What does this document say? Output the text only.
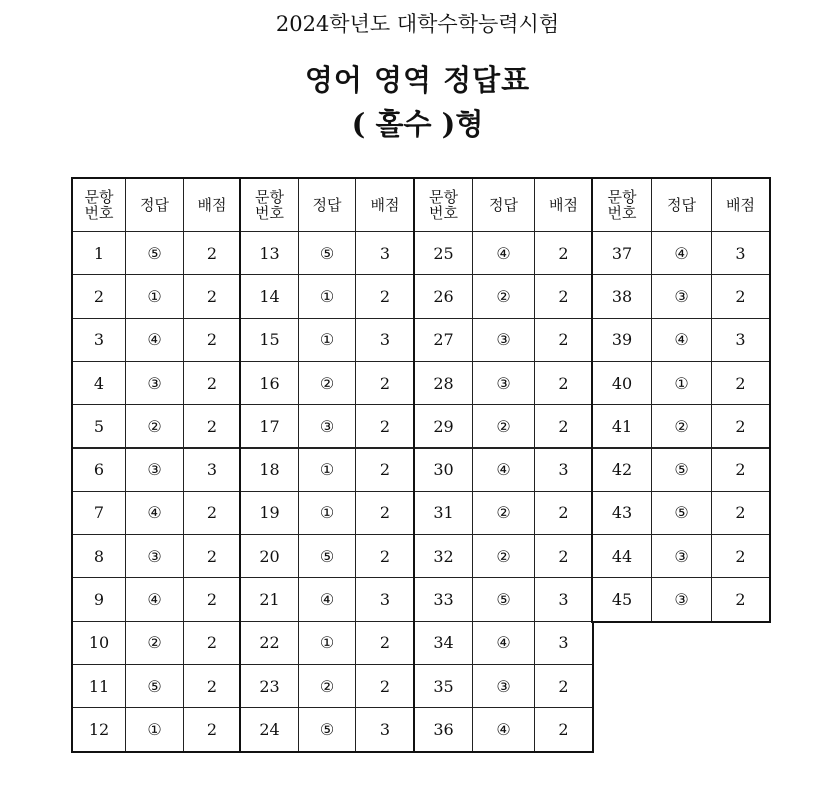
2024학년도 대학수학능력시험
영어 영역 정답표
( 홀수 )형
문항
번호	정답	배점
1	⑤	2
2	①	2
3	④	2
4	③	2
5	②	2
6	③	3
7	④	2
8	③	2
9	④	2
10	②	2
11	⑤	2
12	①	2
문항
번호	정답	배점
13	⑤	3
14	①	2
15	①	3
16	②	2
17	③	2
18	①	2
19	①	2
20	⑤	2
21	④	3
22	①	2
23	②	2
24	⑤	3
문항
번호	정답	배점
25	④	2
26	②	2
27	③	2
28	③	2
29	②	2
30	④	3
31	②	2
32	②	2
33	⑤	3
34	④	3
35	③	2
36	④	2
문항
번호	정답	배점
37	④	3
38	③	2
39	④	3
40	①	2
41	②	2
42	⑤	2
43	⑤	2
44	③	2
45	③	2
